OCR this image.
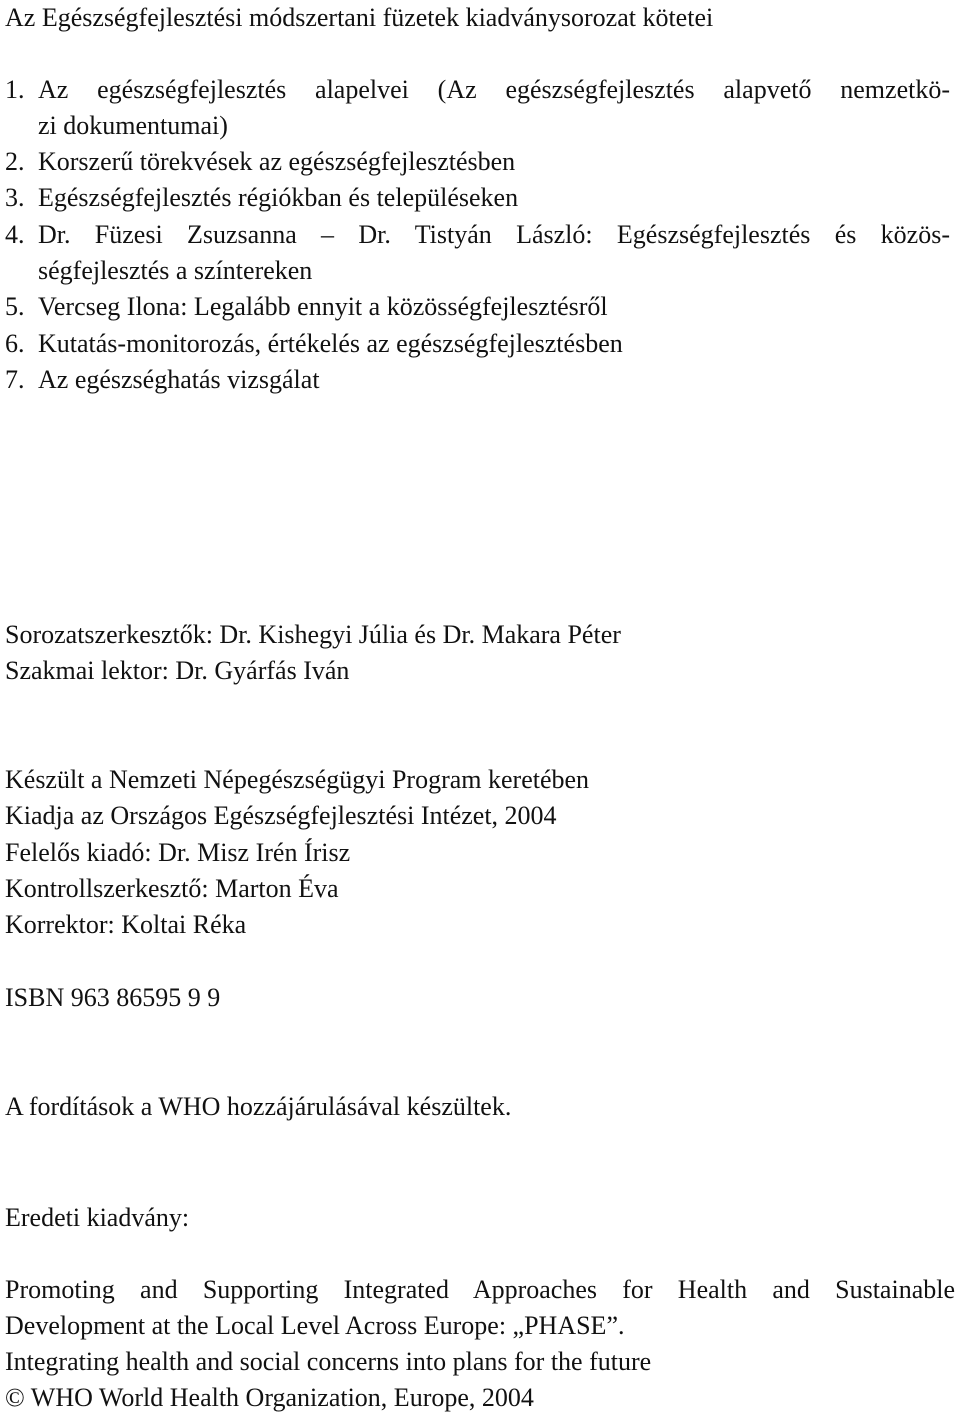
Az Egészségfejlesztési módszertani füzetek kiadványsorozat kötetei
1. Az egészségfejlesztés alapelvei (Az egészségfejlesztés alapvető nemzetkö-
zi dokumentumai)
2. Korszerű törekvések az egészségfejlesztésben
3. Egészségfejlesztés régiókban és településeken
4. Dr. Füzesi Zsuzsanna – Dr. Tistyán László: Egészségfejlesztés és közös-
ségfejlesztés a színtereken
5. Vercseg Ilona: Legalább ennyit a közösségfejlesztésről
6. Kutatás-monitorozás, értékelés az egészségfejlesztésben
7. Az egészséghatás vizsgálat
Sorozatszerkesztők: Dr. Kishegyi Júlia és Dr. Makara Péter
Szakmai lektor: Dr. Gyárfás Iván
Készült a Nemzeti Népegészségügyi Program keretében
Kiadja az Országos Egészségfejlesztési Intézet, 2004
Felelős kiadó: Dr. Misz Irén Írisz
Kontrollszerkesztő: Marton Éva
Korrektor: Koltai Réka
ISBN 963 86595 9 9
A fordítások a WHO hozzájárulásával készültek.
Eredeti kiadvány:
Promoting and Supporting Integrated Approaches for Health and Sustainable
Development at the Local Level Across Europe: „PHASE”.
Integrating health and social concerns into plans for the future
© WHO World Health Organization, Europe, 2004
